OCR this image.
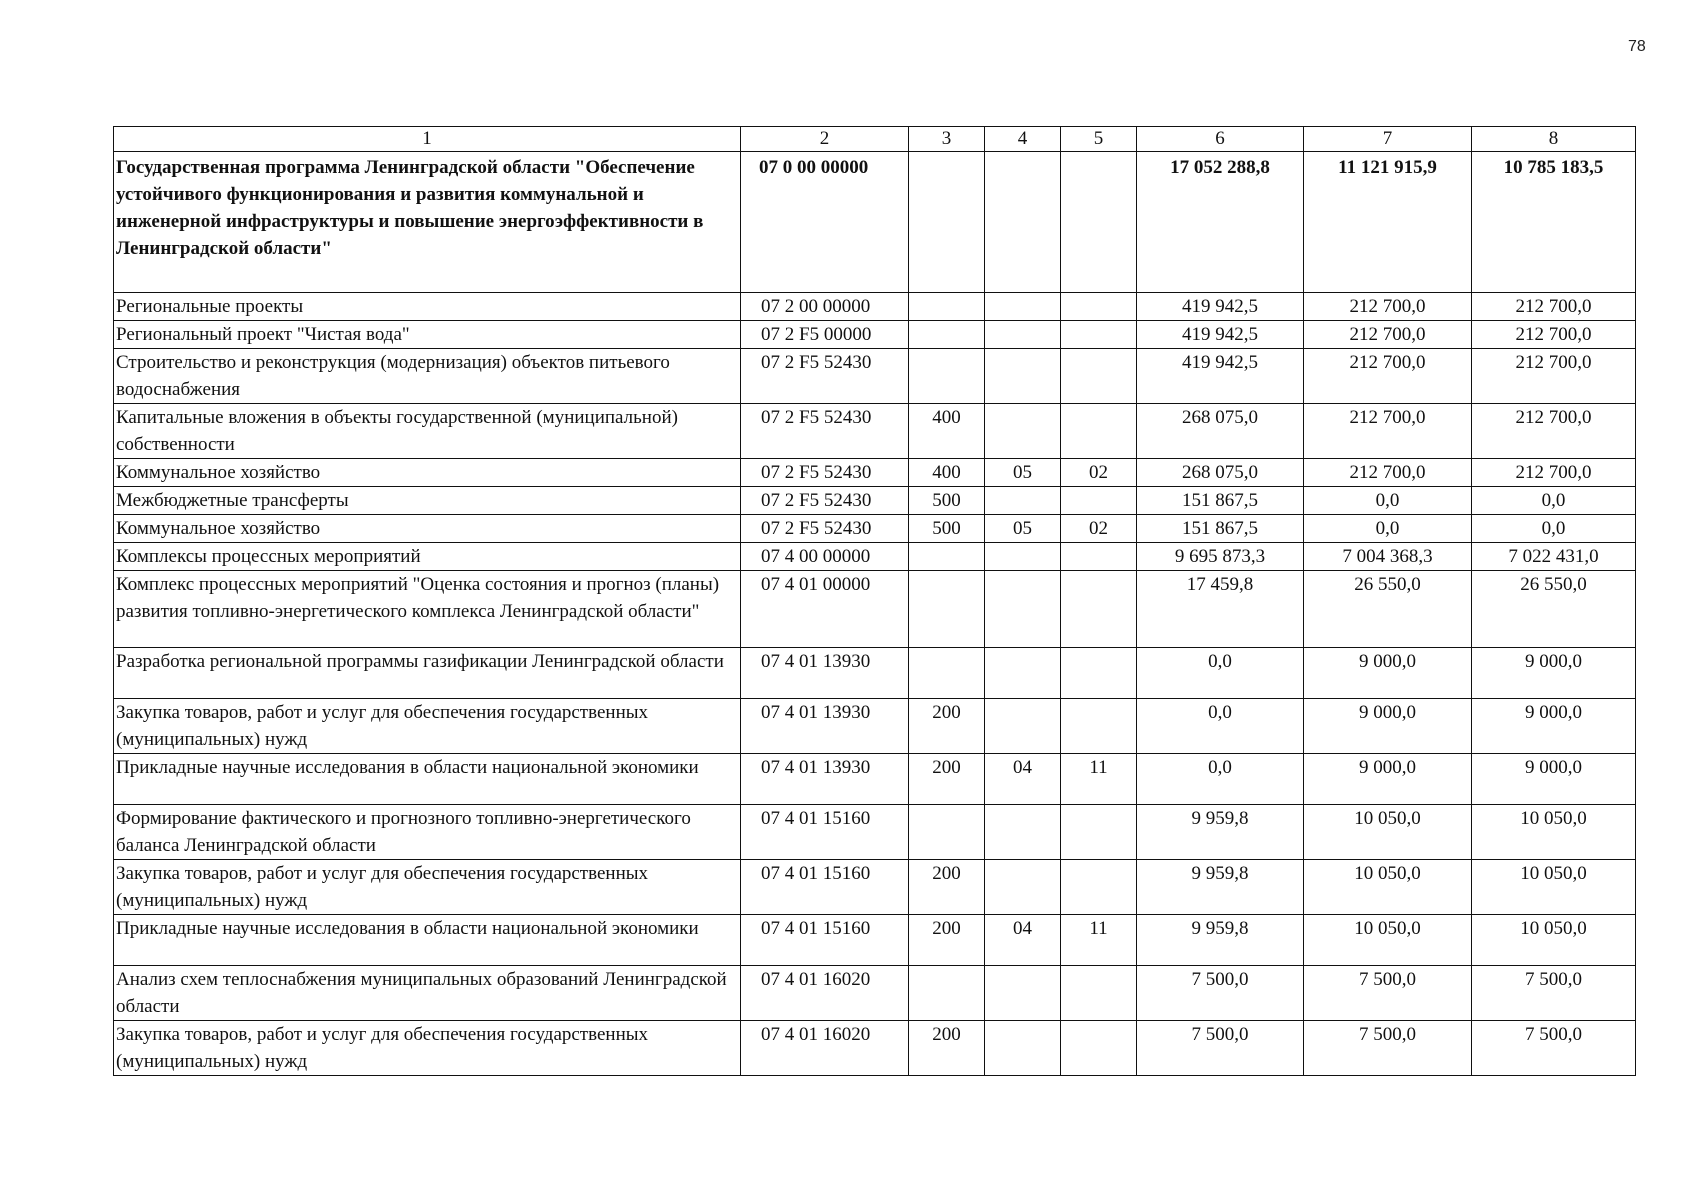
78
1	2	3	4	5	6	7	8
Государственная программа Ленинградской области "Обеспечение устойчивого функционирования и развития коммунальной и инженерной инфраструктуры и повышение энергоэффективности в Ленинградской области"	07 0 00 00000				17 052 288,8	11 121 915,9	10 785 183,5
Региональные проекты	07 2 00 00000				419 942,5	212 700,0	212 700,0
Региональный проект "Чистая вода"	07 2 F5 00000				419 942,5	212 700,0	212 700,0
Строительство и реконструкция (модернизация) объектов питьевого водоснабжения	07 2 F5 52430				419 942,5	212 700,0	212 700,0
Капитальные вложения в объекты государственной (муниципальной) собственности	07 2 F5 52430	400			268 075,0	212 700,0	212 700,0
Коммунальное хозяйство	07 2 F5 52430	400	05	02	268 075,0	212 700,0	212 700,0
Межбюджетные трансферты	07 2 F5 52430	500			151 867,5	0,0	0,0
Коммунальное хозяйство	07 2 F5 52430	500	05	02	151 867,5	0,0	0,0
Комплексы процессных мероприятий	07 4 00 00000				9 695 873,3	7 004 368,3	7 022 431,0
Комплекс процессных мероприятий "Оценка состояния и прогноз (планы) развития топливно-энергетического комплекса Ленинградской области"	07 4 01 00000				17 459,8	26 550,0	26 550,0
Разработка региональной программы газификации Ленинградской области	07 4 01 13930				0,0	9 000,0	9 000,0
Закупка товаров, работ и услуг для обеспечения государственных (муниципальных) нужд	07 4 01 13930	200			0,0	9 000,0	9 000,0
Прикладные научные исследования в области национальной экономики	07 4 01 13930	200	04	11	0,0	9 000,0	9 000,0
Формирование фактического и прогнозного топливно-энергетического баланса Ленинградской области	07 4 01 15160				9 959,8	10 050,0	10 050,0
Закупка товаров, работ и услуг для обеспечения государственных (муниципальных) нужд	07 4 01 15160	200			9 959,8	10 050,0	10 050,0
Прикладные научные исследования в области национальной экономики	07 4 01 15160	200	04	11	9 959,8	10 050,0	10 050,0
Анализ схем теплоснабжения муниципальных образований Ленинградской области	07 4 01 16020				7 500,0	7 500,0	7 500,0
Закупка товаров, работ и услуг для обеспечения государственных (муниципальных) нужд	07 4 01 16020	200			7 500,0	7 500,0	7 500,0
